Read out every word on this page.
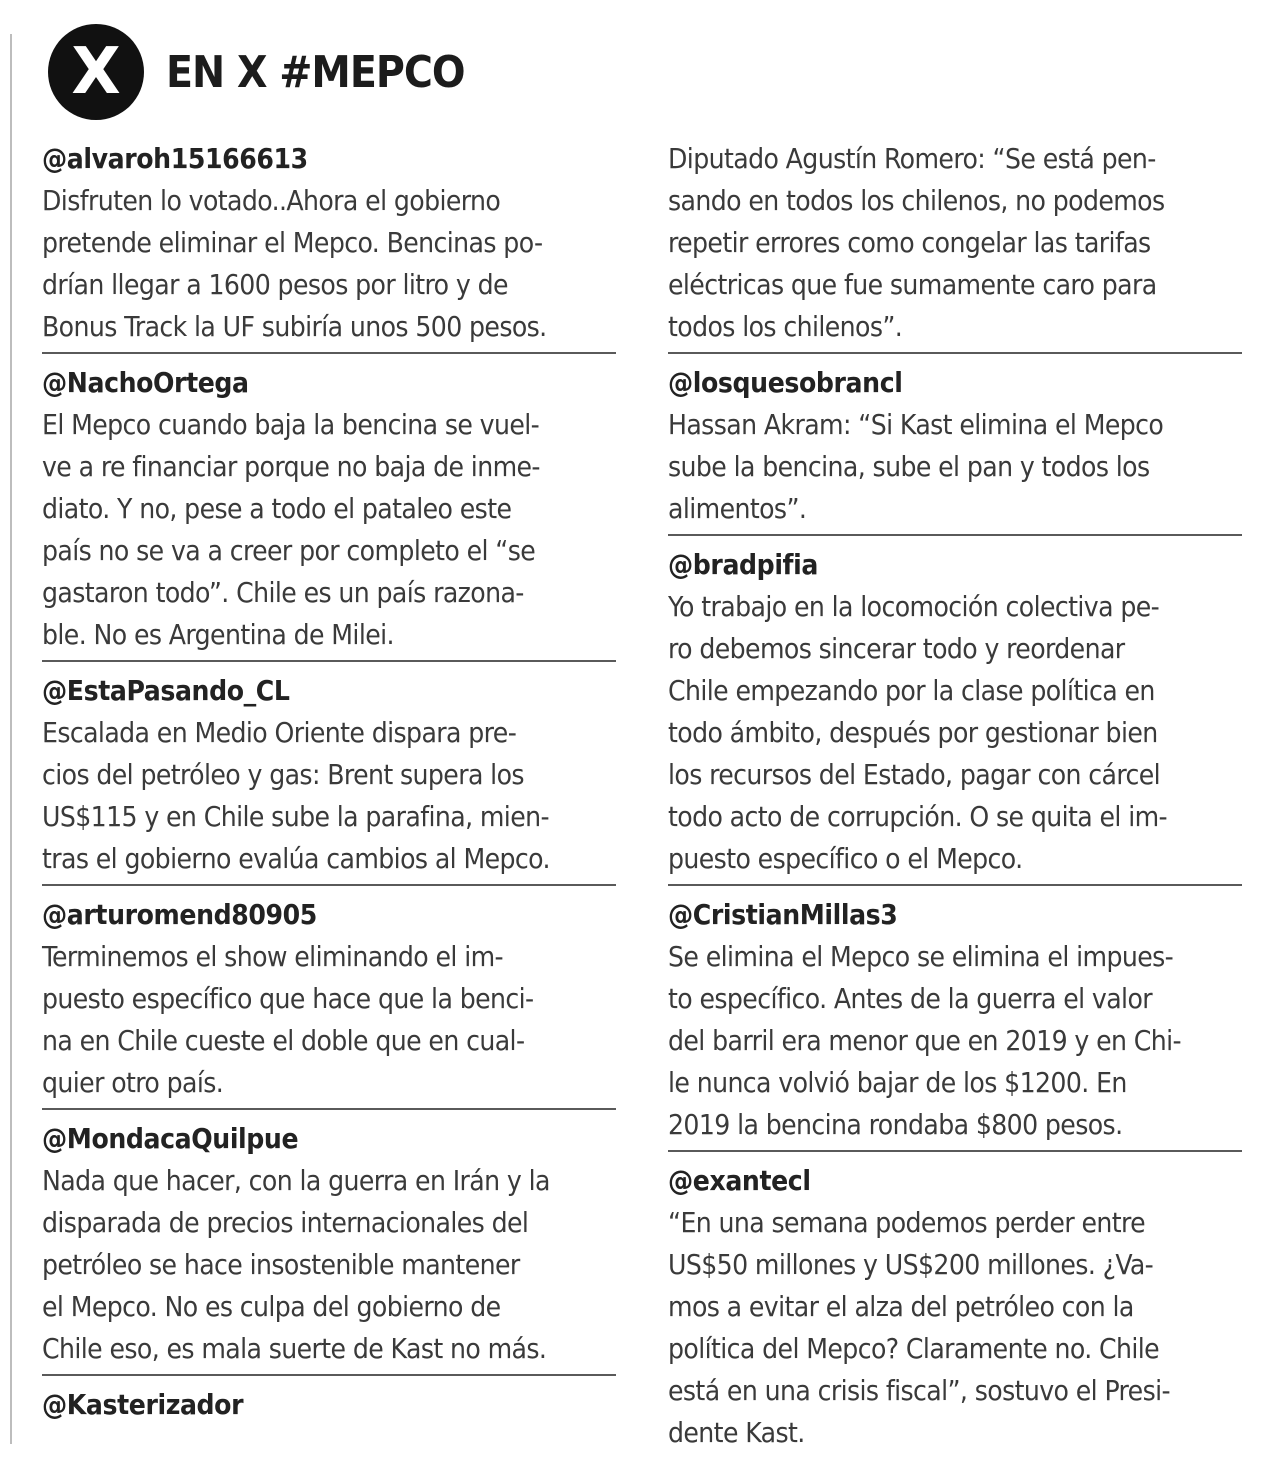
X	EN X #MEPCO
@alvaroh15166613
Disfruten lo votado..Ahora el gobierno
pretende eliminar el Mepco. Bencinas po-
drían llegar a 1600 pesos por litro y de
Bonus Track la UF subiría unos 500 pesos.
@NachoOrtega
El Mepco cuando baja la bencina se vuel-
ve a re financiar porque no baja de inme-
diato. Y no, pese a todo el pataleo este
país no se va a creer por completo el “se
gastaron todo”. Chile es un país razona-
ble. No es Argentina de Milei.
@EstaPasando_CL
Escalada en Medio Oriente dispara pre-
cios del petróleo y gas: Brent supera los
US$115 y en Chile sube la parafina, mien-
tras el gobierno evalúa cambios al Mepco.
@arturomend80905
Terminemos el show eliminando el im-
puesto específico que hace que la benci-
na en Chile cueste el doble que en cual-
quier otro país.
@MondacaQuilpue
Nada que hacer, con la guerra en Irán y la
disparada de precios internacionales del
petróleo se hace insostenible mantener
el Mepco. No es culpa del gobierno de
Chile eso, es mala suerte de Kast no más.
@Kasterizador
Diputado Agustín Romero: “Se está pen-
sando en todos los chilenos, no podemos
repetir errores como congelar las tarifas
eléctricas que fue sumamente caro para
todos los chilenos”.
@losquesobrancl
Hassan Akram: “Si Kast elimina el Mepco
sube la bencina, sube el pan y todos los
alimentos”.
@bradpifia
Yo trabajo en la locomoción colectiva pe-
ro debemos sincerar todo y reordenar
Chile empezando por la clase política en
todo ámbito, después por gestionar bien
los recursos del Estado, pagar con cárcel
todo acto de corrupción. O se quita el im-
puesto específico o el Mepco.
@CristianMillas3
Se elimina el Mepco se elimina el impues-
to específico. Antes de la guerra el valor
del barril era menor que en 2019 y en Chi-
le nunca volvió bajar de los $1200. En
2019 la bencina rondaba $800 pesos.
@exantecl
“En una semana podemos perder entre
US$50 millones y US$200 millones. ¿Va-
mos a evitar el alza del petróleo con la
política del Mepco? Claramente no. Chile
está en una crisis fiscal”, sostuvo el Presi-
dente Kast.
